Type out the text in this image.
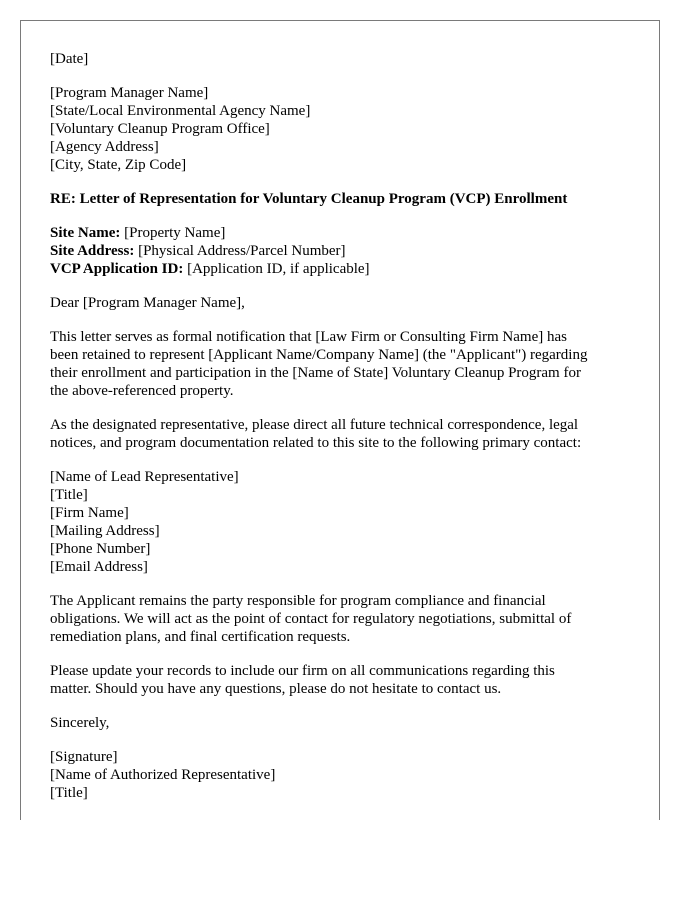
[Date]
[Program Manager Name]
[State/Local Environmental Agency Name]
[Voluntary Cleanup Program Office]
[Agency Address]
[City, State, Zip Code]
RE: Letter of Representation for Voluntary Cleanup Program (VCP) Enrollment
Site Name: [Property Name]
Site Address: [Physical Address/Parcel Number]
VCP Application ID: [Application ID, if applicable]
Dear [Program Manager Name],
This letter serves as formal notification that [Law Firm or Consulting Firm Name] has
been retained to represent [Applicant Name/Company Name] (the "Applicant") regarding
their enrollment and participation in the [Name of State] Voluntary Cleanup Program for
the above-referenced property.
As the designated representative, please direct all future technical correspondence, legal
notices, and program documentation related to this site to the following primary contact:
[Name of Lead Representative]
[Title]
[Firm Name]
[Mailing Address]
[Phone Number]
[Email Address]
The Applicant remains the party responsible for program compliance and financial
obligations. We will act as the point of contact for regulatory negotiations, submittal of
remediation plans, and final certification requests.
Please update your records to include our firm on all communications regarding this
matter. Should you have any questions, please do not hesitate to contact us.
Sincerely,
[Signature]
[Name of Authorized Representative]
[Title]
